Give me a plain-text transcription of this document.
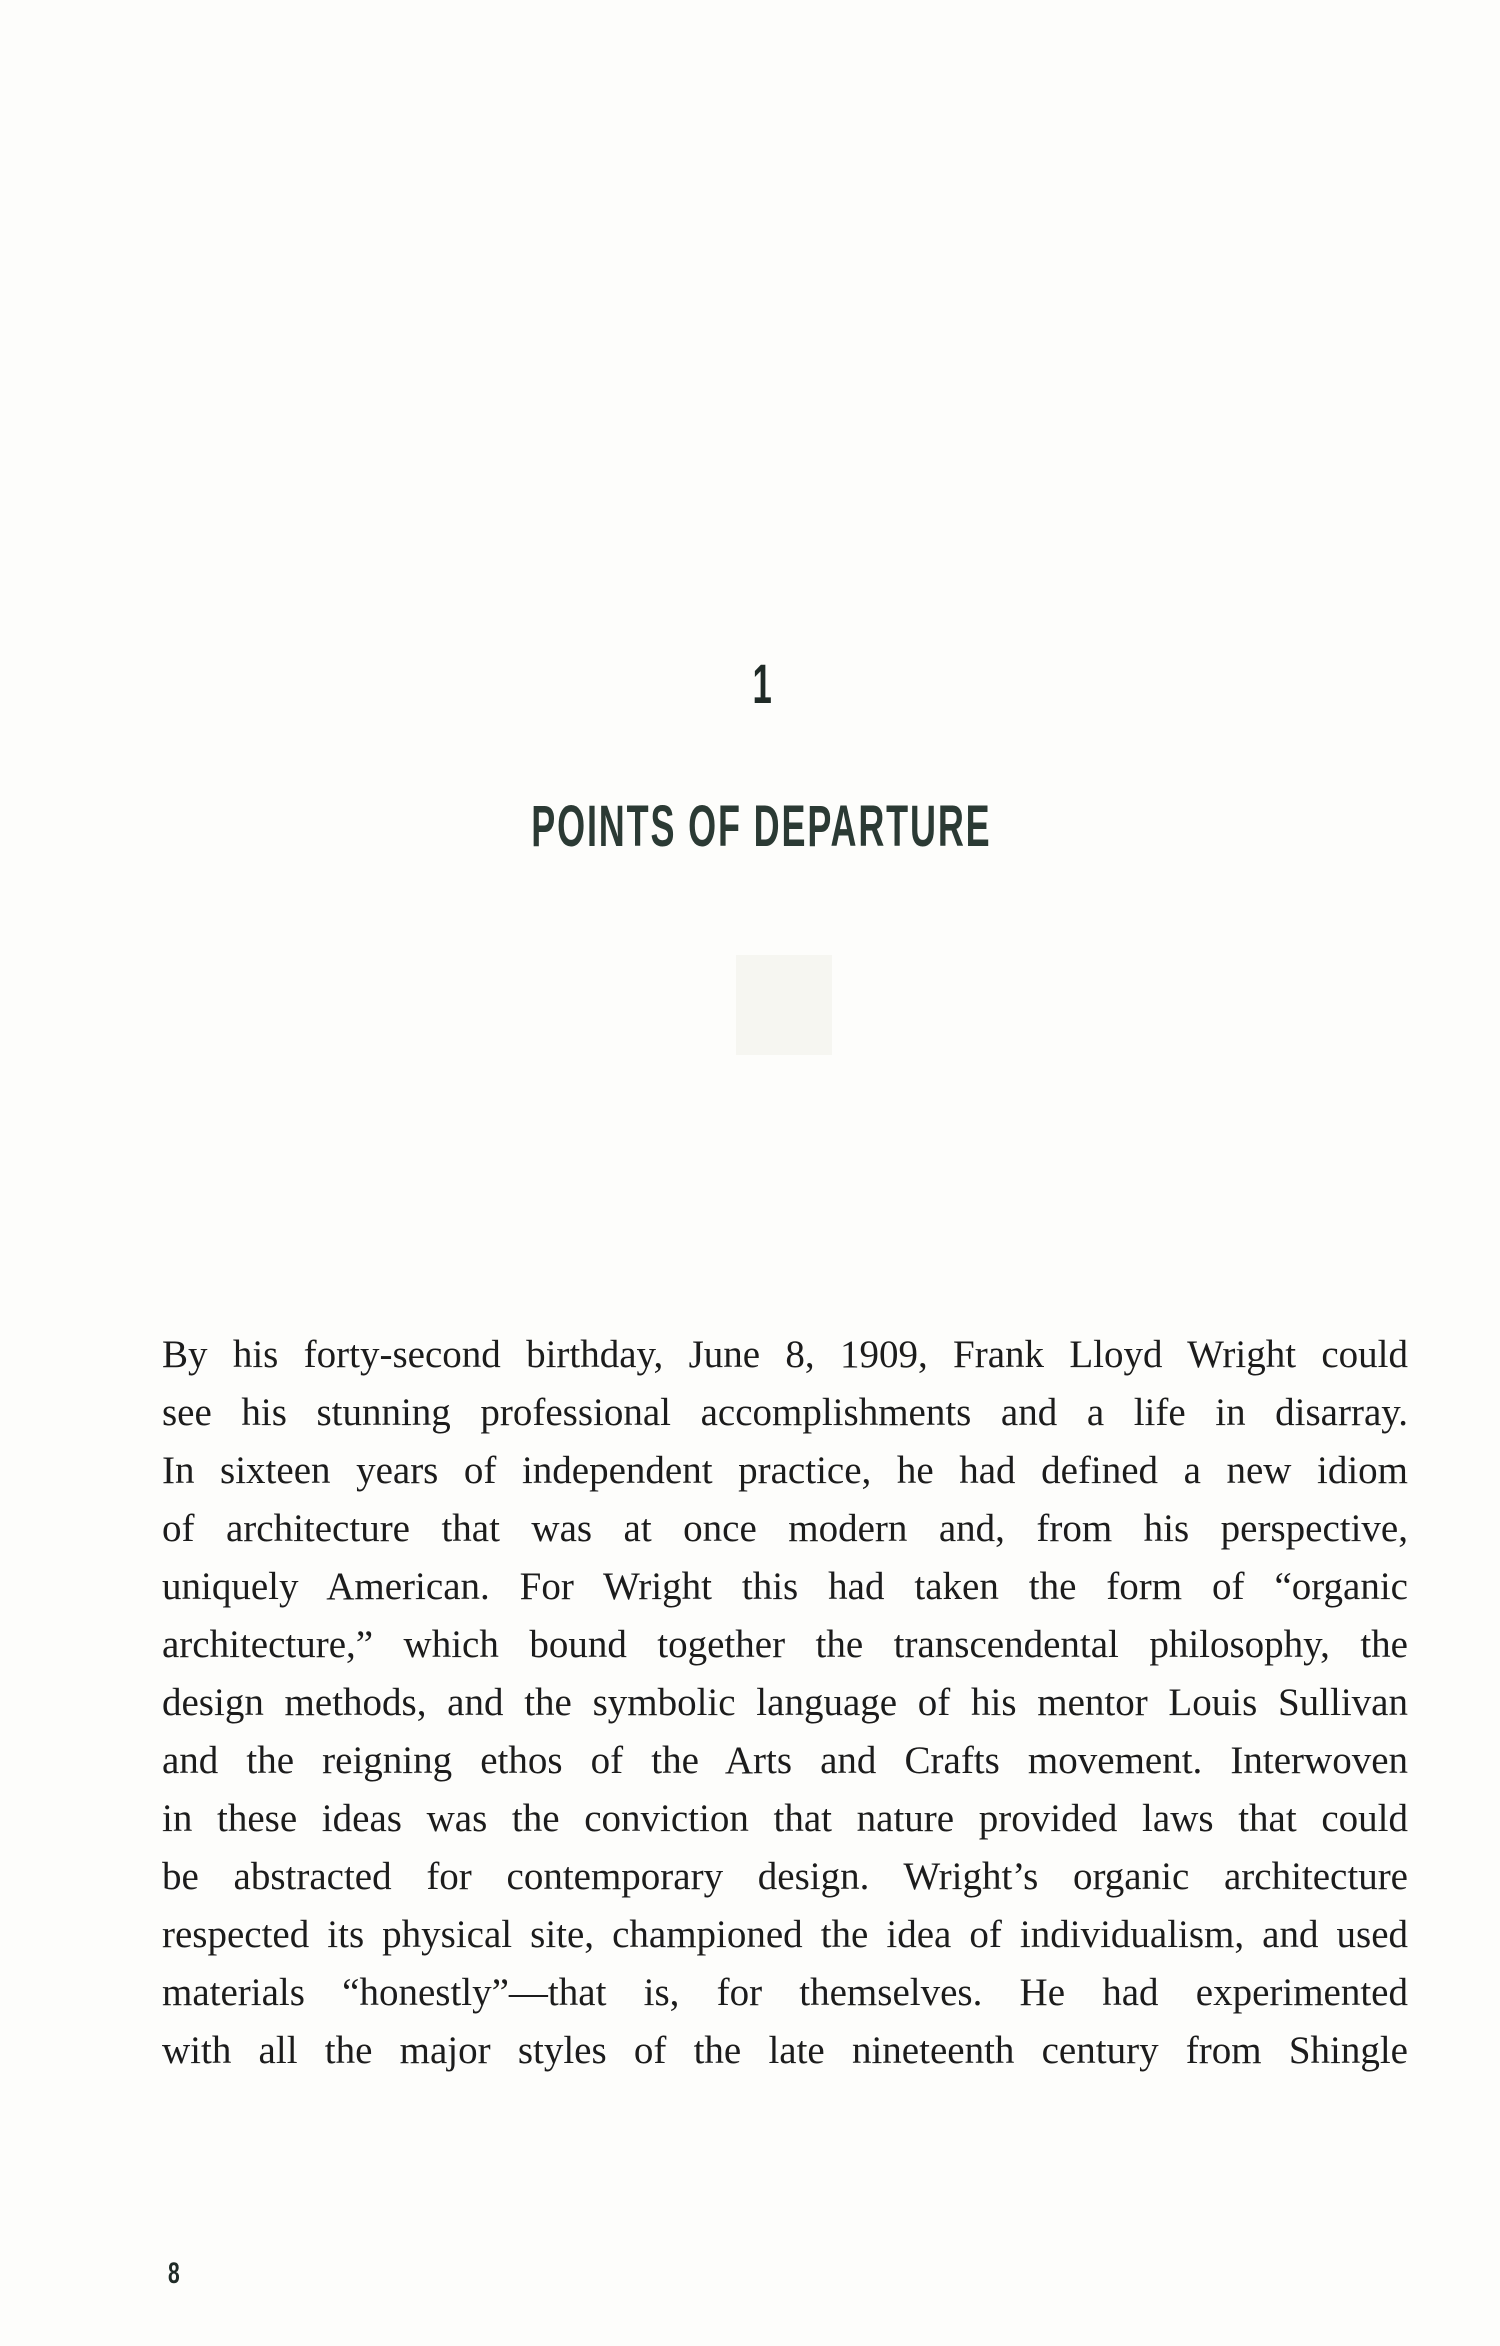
1
POINTS OF DEPARTURE
By his forty-second birthday, June 8, 1909, Frank Lloyd Wright could
see his stunning professional accomplishments and a life in disarray.
In sixteen years of independent practice, he had defined a new idiom
of architecture that was at once modern and, from his perspective,
uniquely American. For Wright this had taken the form of “organic
architecture,” which bound together the transcendental philosophy, the
design methods, and the symbolic language of his mentor Louis Sullivan
and the reigning ethos of the Arts and Crafts movement. Interwoven
in these ideas was the conviction that nature provided laws that could
be abstracted for contemporary design. Wright’s organic architecture
respected its physical site, championed the idea of individualism, and used
materials “honestly”—that is, for themselves. He had experimented
with all the major styles of the late nineteenth century from Shingle
8
